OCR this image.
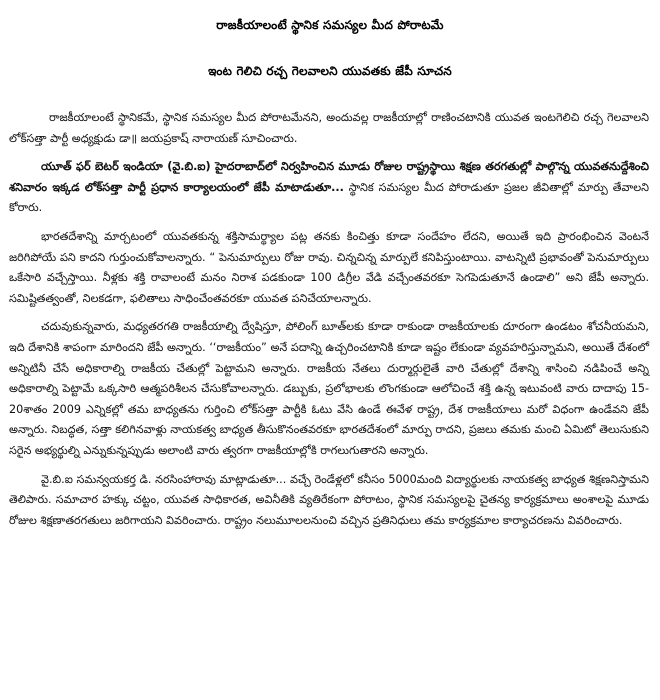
రాజకీయాలంటే స్థానిక సమస్యల మీద పోరాటమే
ఇంట గెలిచి రచ్చ గెలవాలని యువతకు జేపీ సూచన

రాజకీయాలంటే స్థానికమే, స్థానిక సమస్యల మీద పోరాటమేనని, అందువల్ల రాజకీయాల్లో రాణించటానికి యువత ఇంటగెలిచి రచ్చ గెలవాలని లోక్‌సత్తా పార్టీ అధ్యక్షుడు డా॥ జయప్రకాష్ నారాయణ్ సూచించారు.

యూత్ ఫర్ బెటర్ ఇండియా (వై.బి.ఐ) హైదరాబాద్‌లో నిర్వహించిన మూడు రోజుల రాష్ట్రస్థాయి శిక్షణ తరగతుల్లో పాల్గొన్న యువతనుద్దేశించి శనివారం ఇక్కడ లోక్‌సత్తా పార్టీ ప్రధాన కార్యాలయంలో జేపీ మాటాడుతూ... స్థానిక సమస్యల మీద పోరాడుతూ ప్రజల జీవితాల్లో మార్పు తేవాలని కోరారు.

భారతదేశాన్ని మార్చటంలో యువతకున్న శక్తిసామర్థ్యాల పట్ల తనకు కించిత్తు కూడా సందేహం లేదని, అయితే ఇది ప్రారంభించిన వెంటనే జరిగిపోయే పని కాదని గుర్తుంచుకోవాలన్నారు. “ పెనుమార్పులు రోజు రావు. చిన్నచిన్న మార్పులే కనిపిస్తుంటాయి. వాటన్నిటి ప్రభావంతో పెనుమార్పులు ఒకేసారి వచ్చేస్తాయి. నీళ్లకు శక్తి రావాలంటే మనం నిరాశ పడకుండా 100 డిగ్రీల వేడి వచ్చేంతవరకూ సెగపెడుతూనే ఉండాలి” అని జేపీ అన్నారు. సమిష్టితత్వంతో, నిలకడగా, ఫలితాలు సాధించేంతవరకూ యువత పనిచేయాలన్నారు.

చదువుకున్నవారు, మధ్యతరగతి రాజకీయాల్ని ద్వేషిస్తూ, పోలింగ్ బూత్‌లకు కూడా రాకుండా రాజకీయాలకు దూరంగా ఉండటం శోచనీయమని, ఇది దేశానికి శాపంగా మారిందని జేపీ అన్నారు. ‘‘రాజకీయం” అనే పదాన్ని ఉచ్చరించటానికి కూడా ఇష్టం లేకుండా వ్యవహరిస్తున్నామని, అయితే దేశంలో అన్నిటినీ చేసే అధికారాల్ని రాజకీయ చేతుల్లో పెట్టామని అన్నారు. రాజకీయ నేతలు దుర్మార్గులైతే వారి చేతుల్లో దేశాన్ని శాసించి నడిపించే అన్ని అధికారాల్ని పెట్టామే ఒక్కసారి ఆత్మపరిశీలన చేసుకోవాలన్నారు. డబ్బుకు, ప్రలోభాలకు లొంగకుండా ఆలోచించే శక్తి ఉన్న ఇటువంటి వారు దాదాపు 15-20శాతం 2009 ఎన్నికల్లో తమ బాధ్యతను గుర్తించి లోక్‌సత్తా పార్టీకి ఓటు వేసి ఉండే ఈవేళ రాష్ట్ర, దేశ రాజకీయాలు మరో విధంగా ఉండేవని జేపీ అన్నారు. నిబద్ధత, సత్తా కలిగినవాళ్లు నాయకత్వ బాధ్యత తీసుకొనంతవరకూ భారతదేశంలో మార్పు రాదని, ప్రజలు తమకు మంచి ఏమిటో తెలుసుకుని సరైన అభ్యర్థుల్ని ఎన్నుకున్నప్పుడు అలాంటి వారు త్వరగా రాజకీయాల్లోకి రాగలుగుతారని అన్నారు.

వై.బి.ఐ సమన్వయకర్త డి. నరసింహారావు మాట్లాడుతూ... వచ్చే రెండేళ్లలో కనీసం 5000మంది విద్యార్థులకు నాయకత్వ బాధ్యత శిక్షణనిస్తామని తెలిపారు. సమాచార హక్కు చట్టం, యువత సాధికారత, అవినీతికి వ్యతిరేకంగా పోరాటం, స్థానిక సమస్యలపై చైతన్య కార్యక్రమాలు అంశాలపై మూడు రోజుల శిక్షణాతరగతులు జరిగాయని వివరించారు. రాష్ట్రం నలుమూలలనుంచి వచ్చిన ప్రతినిధులు తమ కార్యక్రమాల కార్యాచరణను వివరించారు.
